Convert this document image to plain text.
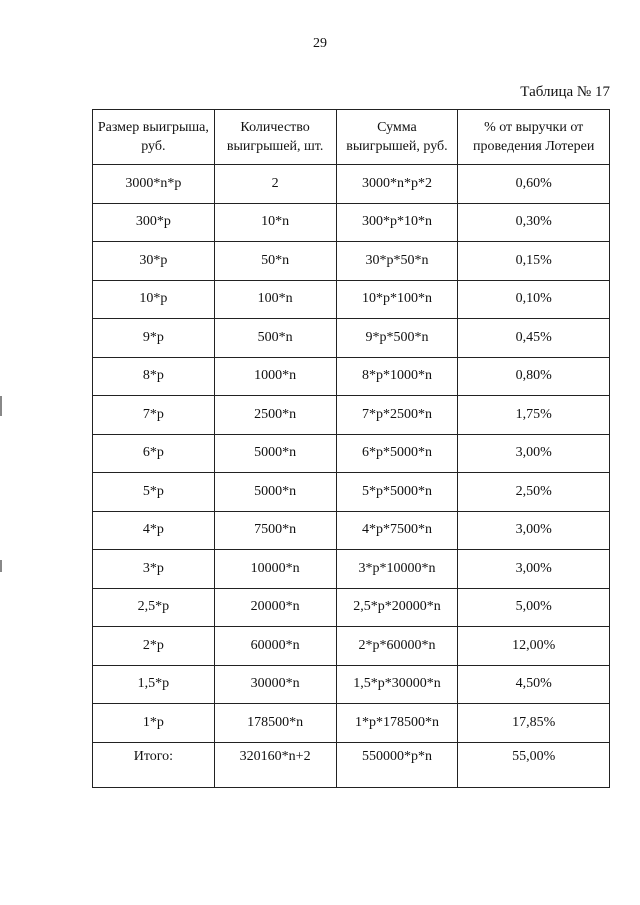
29
Таблица № 17
Размер выигрыша, руб.	Количество выигрышей, шт.	Сумма выигрышей, руб.	% от выручки от проведения Лотереи
3000*n*p	2	3000*n*p*2	0,60%
300*p	10*n	300*p*10*n	0,30%
30*p	50*n	30*p*50*n	0,15%
10*p	100*n	10*p*100*n	0,10%
9*p	500*n	9*p*500*n	0,45%
8*p	1000*n	8*p*1000*n	0,80%
7*p	2500*n	7*p*2500*n	1,75%
6*p	5000*n	6*p*5000*n	3,00%
5*p	5000*n	5*p*5000*n	2,50%
4*p	7500*n	4*p*7500*n	3,00%
3*p	10000*n	3*p*10000*n	3,00%
2,5*p	20000*n	2,5*p*20000*n	5,00%
2*p	60000*n	2*p*60000*n	12,00%
1,5*p	30000*n	1,5*p*30000*n	4,50%
1*p	178500*n	1*p*178500*n	17,85%
Итого:	320160*n+2	550000*p*n	55,00%
